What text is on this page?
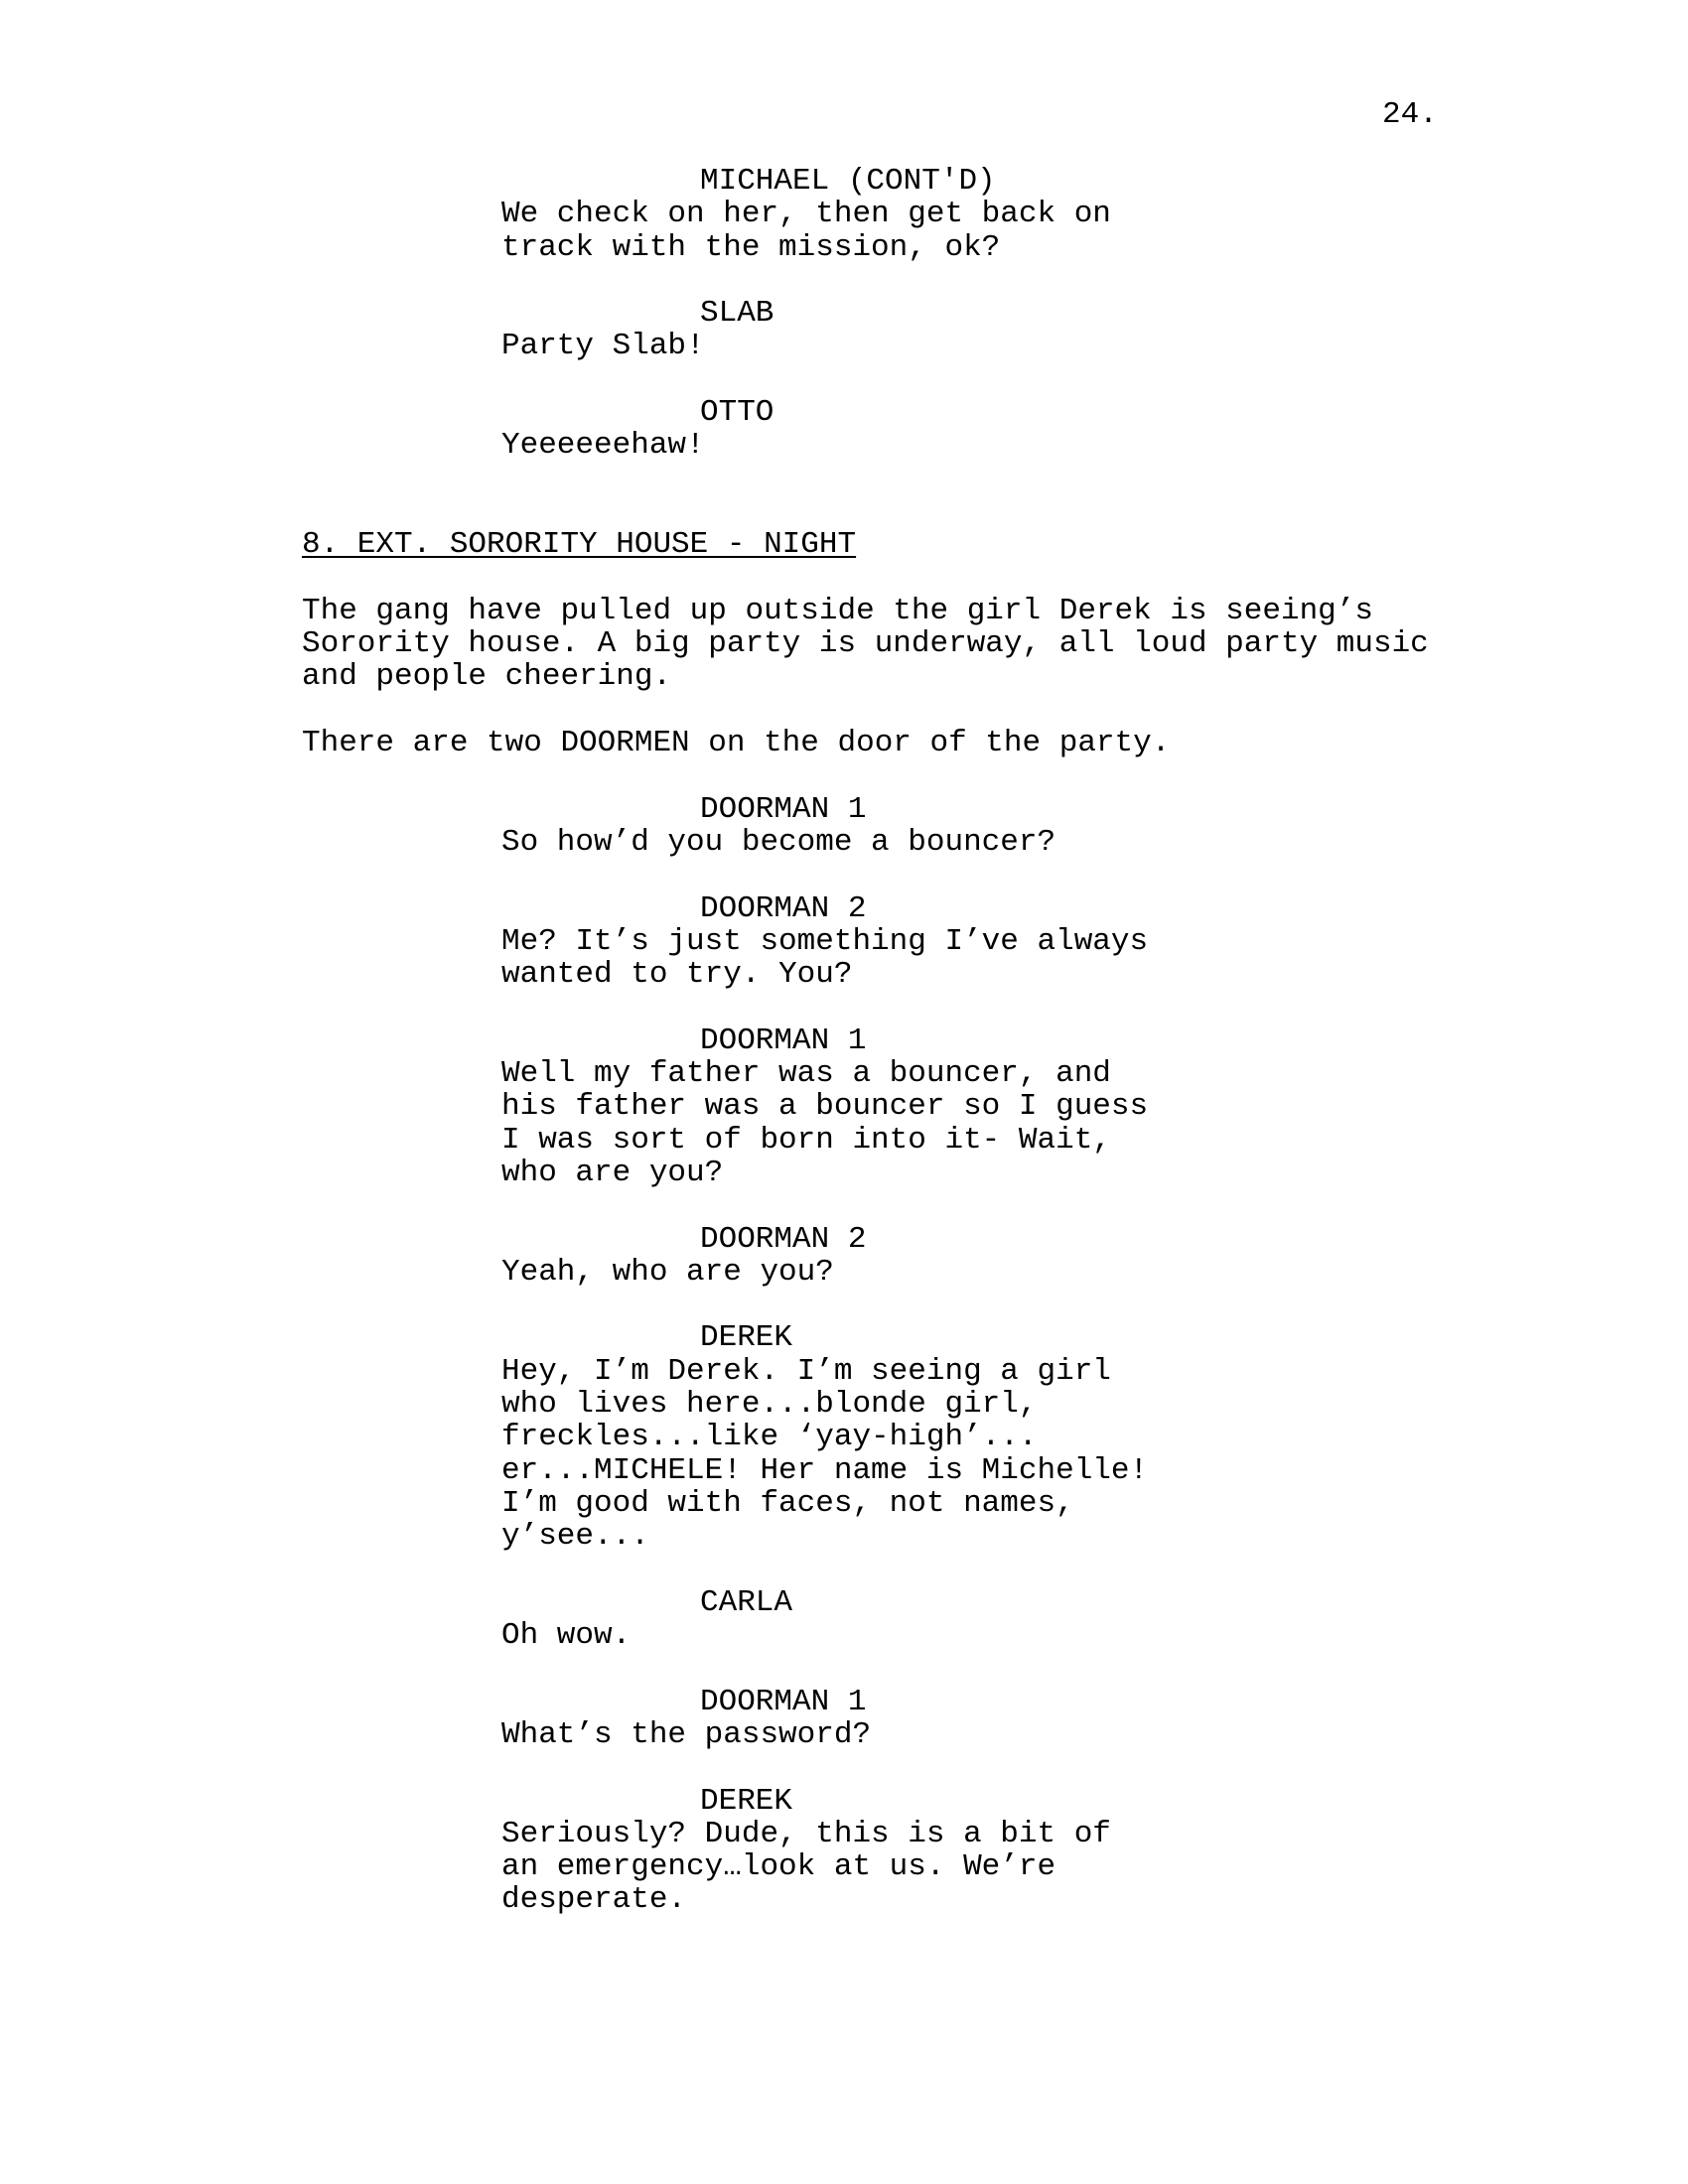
24.
MICHAEL (CONT'D)
We check on her, then get back on
track with the mission, ok?
SLAB
Party Slab!
OTTO
Yeeeeeehaw!
8. EXT. SORORITY HOUSE - NIGHT
The gang have pulled up outside the girl Derek is seeing’s
Sorority house. A big party is underway, all loud party music
and people cheering.
There are two DOORMEN on the door of the party.
DOORMAN 1
So how’d you become a bouncer?
DOORMAN 2
Me? It’s just something I’ve always
wanted to try. You?
DOORMAN 1
Well my father was a bouncer, and
his father was a bouncer so I guess
I was sort of born into it- Wait,
who are you?
DOORMAN 2
Yeah, who are you?
DEREK
Hey, I’m Derek. I’m seeing a girl
who lives here...blonde girl,
freckles...like ‘yay-high’...
er...MICHELE! Her name is Michelle!
I’m good with faces, not names,
y’see...
CARLA
Oh wow.
DOORMAN 1
What’s the password?
DEREK
Seriously? Dude, this is a bit of
an emergency…look at us. We’re
desperate.
